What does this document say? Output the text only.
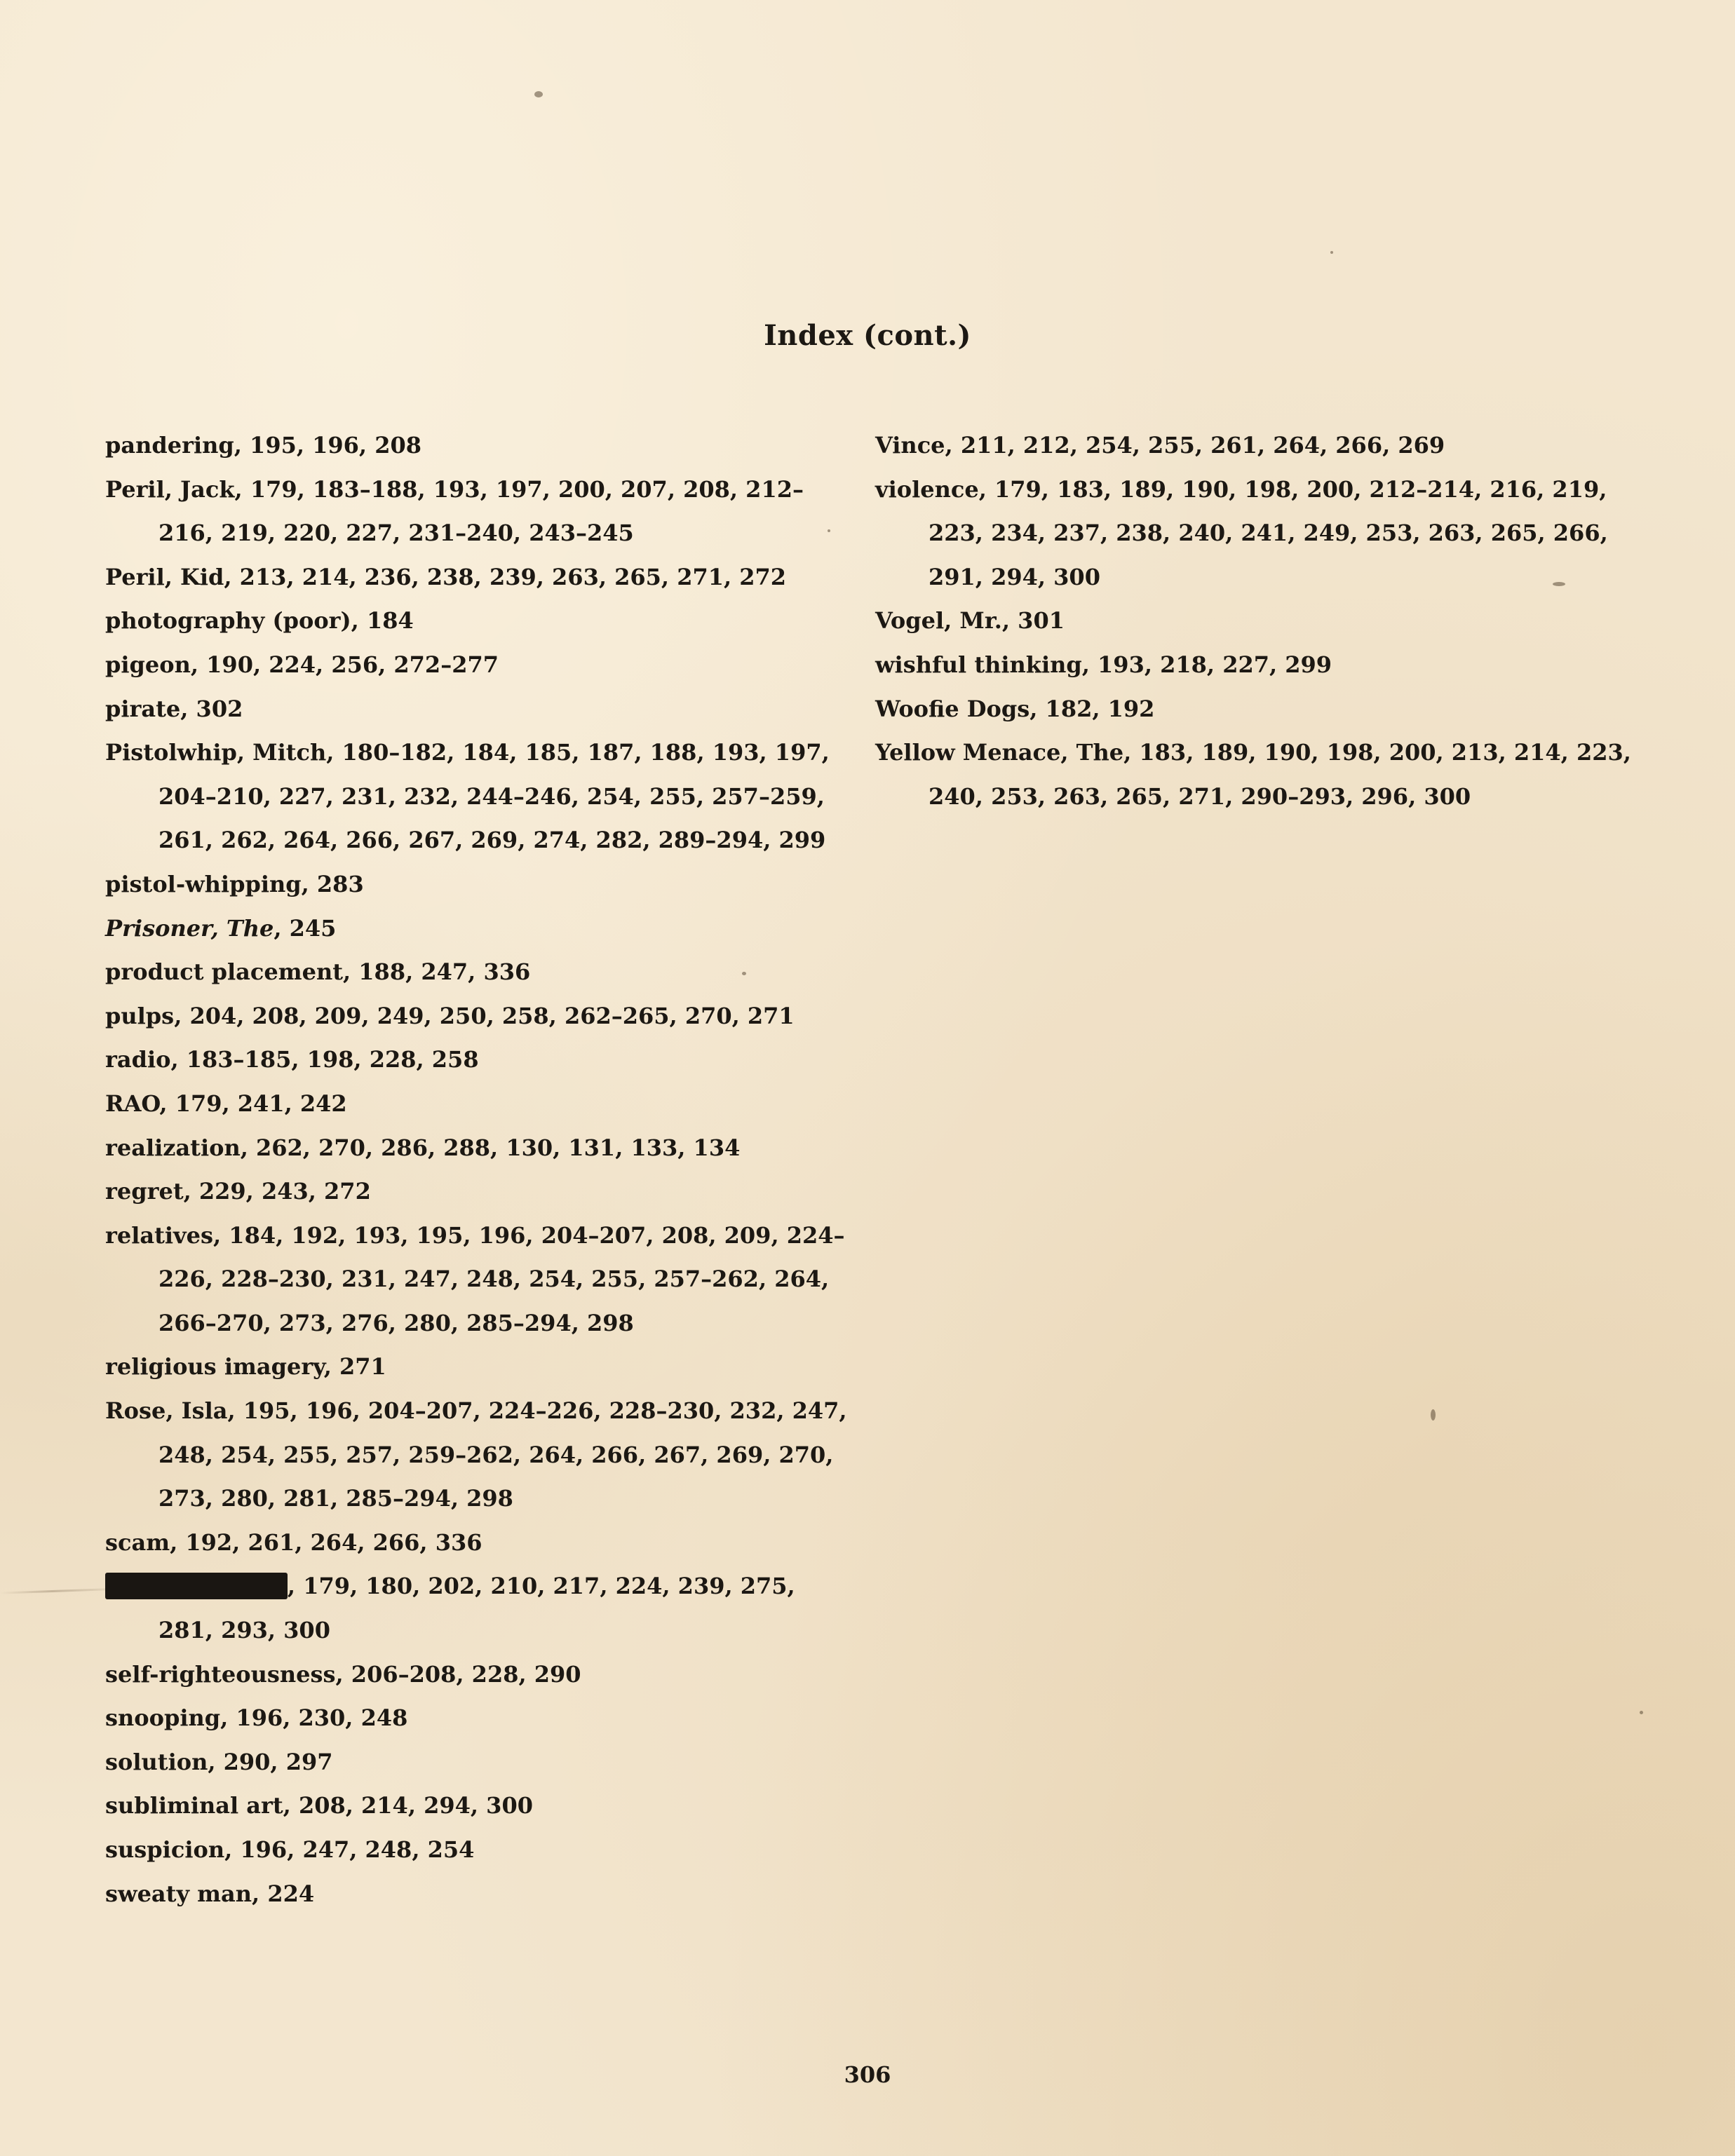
Index (cont.)
pandering, 195, 196, 208
Peril, Jack, 179, 183–188, 193, 197, 200, 207, 208, 212–216, 219, 220, 227, 231–240, 243–245
Peril, Kid, 213, 214, 236, 238, 239, 263, 265, 271, 272
photography (poor), 184
pigeon, 190, 224, 256, 272–277
pirate, 302
Pistolwhip, Mitch, 180–182, 184, 185, 187, 188, 193, 197, 204–210, 227, 231, 232, 244–246, 254, 255, 257–259, 261, 262, 264, 266, 267, 269, 274, 282, 289–294, 299
pistol-whipping, 283
Prisoner, The, 245
product placement, 188, 247, 336
pulps, 204, 208, 209, 249, 250, 258, 262–265, 270, 271
radio, 183–185, 198, 228, 258
RAO, 179, 241, 242
realization, 262, 270, 286, 288, 130, 131, 133, 134
regret, 229, 243, 272
relatives, 184, 192, 193, 195, 196, 204–207, 208, 209, 224–226, 228–230, 231, 247, 248, 254, 255, 257–262, 264, 266–270, 273, 276, 280, 285–294, 298
religious imagery, 271
Rose, Isla, 195, 196, 204–207, 224–226, 228–230, 232, 247, 248, 254, 255, 257, 259–262, 264, 266, 267, 269, 270, 273, 280, 281, 285–294, 298
scam, 192, 261, 264, 266, 336
, 179, 180, 202, 210, 217, 224, 239, 275, 281, 293, 300
self-righteousness, 206–208, 228, 290
snooping, 196, 230, 248
solution, 290, 297
subliminal art, 208, 214, 294, 300
suspicion, 196, 247, 248, 254
sweaty man, 224
Vince, 211, 212, 254, 255, 261, 264, 266, 269
violence, 179, 183, 189, 190, 198, 200, 212–214, 216, 219, 223, 234, 237, 238, 240, 241, 249, 253, 263, 265, 266, 291, 294, 300
Vogel, Mr., 301
wishful thinking, 193, 218, 227, 299
Woofie Dogs, 182, 192
Yellow Menace, The, 183, 189, 190, 198, 200, 213, 214, 223, 240, 253, 263, 265, 271, 290–293, 296, 300
306
